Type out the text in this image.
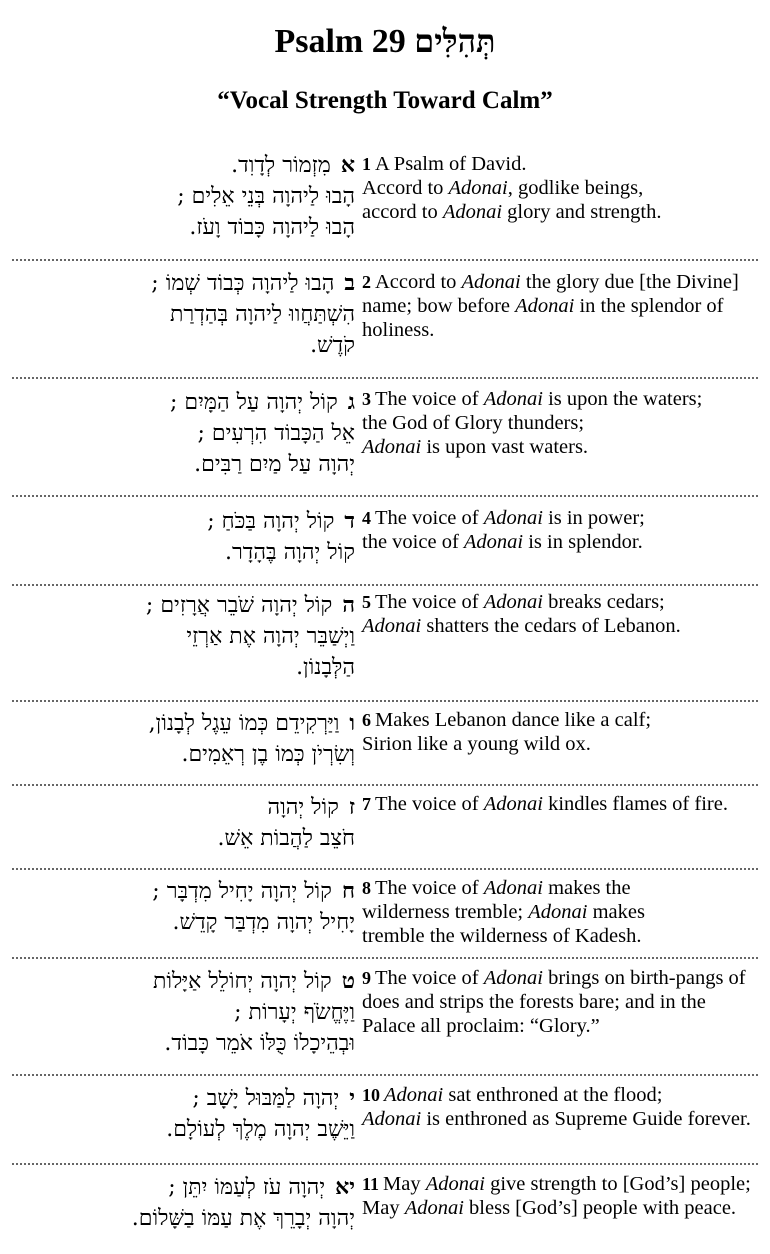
Psalm 29 תְּהִלִּים
“Vocal Strength Toward Calm”
אמִזְמוֹר לְדָוִד.
הָבוּ לַיהוָה בְּנֵי אֵלִים ;
הָבוּ לַיהוָה כָּבוֹד וָעֹז.
1 A Psalm of David.
Accord to Adonai, godlike beings,
accord to Adonai glory and strength.
בהָבוּ לַיהוָה כְּבוֹד שְׁמוֹ ;
הִשְׁתַּחֲווּ לַיהוָה בְּהַדְרַת
קֹדֶשׁ.
2 Accord to Adonai the glory due [the Divine] name; bow before Adonai in the splendor of holiness.
גקוֹל יְהוָה עַל הַמָּיִם ;
אֵל הַכָּבוֹד הִרְעִים ;
יְהוָה עַל מַיִם רַבִּים.
3 The voice of Adonai is upon the waters;
the God of Glory thunders;
Adonai is upon vast waters.
דקוֹל יְהוָה בַּכֹּחַ ;
קוֹל יְהוָה בֶּהָדָר.
4 The voice of Adonai is in power;
the voice of Adonai is in splendor.
הקוֹל יְהוָה שֹׁבֵר אֲרָזִים ;
וַיְשַׁבֵּר יְהוָה אֶת אַרְזֵי
הַלְּבָנוֹן.
5 The voice of Adonai breaks cedars;
Adonai shatters the cedars of Lebanon.
ווַיַּרְקִידֵם כְּמוֹ עֵגֶל לְבָנוֹן,
וְשִׂרְיֹן כְּמוֹ בֶן רְאֵמִים.
6 Makes Lebanon dance like a calf;
Sirion like a young wild ox.
זקוֹל יְהוָה
חֹצֵב לַהֲבוֹת אֵשׁ.
7 The voice of Adonai kindles flames of fire.
חקוֹל יְהוָה יָחִיל מִדְבָּר ;
יָחִיל יְהוָה מִדְבַּר קָדֵשׁ.
8 The voice of Adonai makes the wilderness tremble; Adonai makes tremble the wilderness of Kadesh.
טקוֹל יְהוָה יְחוֹלֵל אַיָּלוֹת
וַיֶּחֱשֹׂף יְעָרוֹת ;
וּבְהֵיכָלוֹ כֻּלּוֹ אֹמֵר כָּבוֹד.
9 The voice of Adonai brings on birth-pangs of does and strips the forests bare; and in the Palace all proclaim: “Glory.”
ייְהוָה לַמַּבּוּל יָשָׁב ;
וַיֵּשֶׁב יְהוָה מֶלֶךְ לְעוֹלָם.
10 Adonai sat enthroned at the flood;
Adonai is enthroned as Supreme Guide forever.
יאיְהוָה עֹז לְעַמּוֹ יִתֵּן ;
יְהוָה יְבָרֵךְ אֶת עַמּוֹ בַשָּׁלוֹם.
11 May Adonai give strength to [God’s] people; May Adonai bless [God’s] people with peace.
